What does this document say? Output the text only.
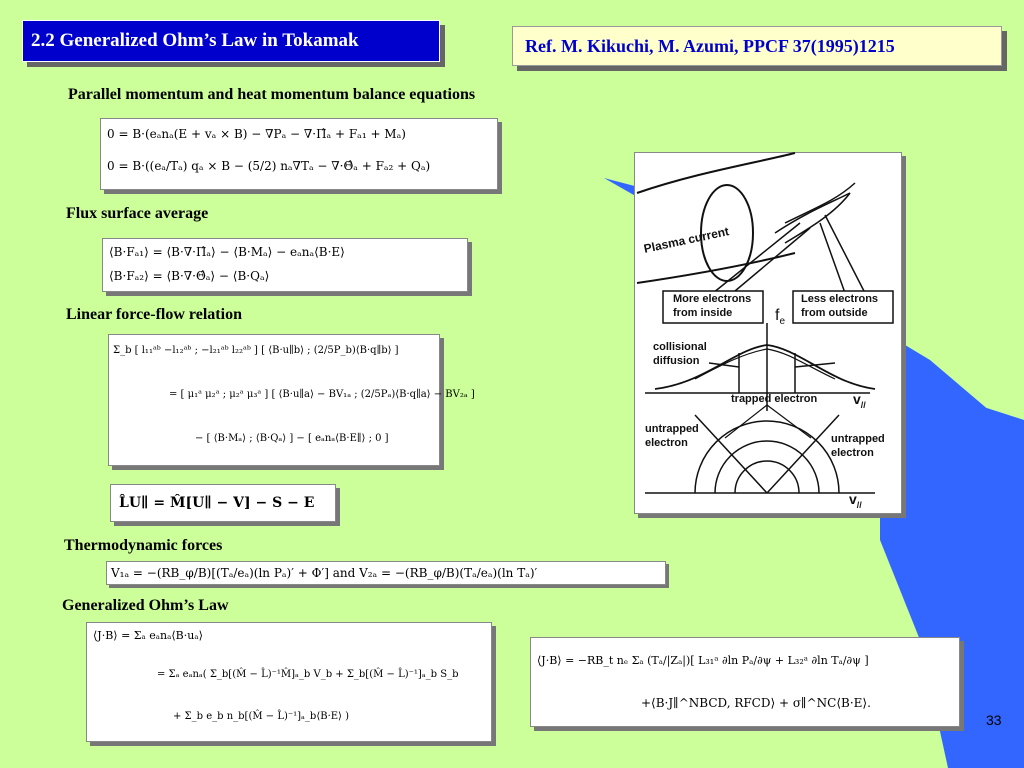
2.2 Generalized Ohm’s Law in Tokamak	Ref. M. Kikuchi, M. Azumi, PPCF 37(1995)1215
Parallel momentum and heat momentum balance equations
0 = B·(eₐnₐ(E + vₐ × B) − ∇Pₐ − ∇·Π̂ₐ + Fₐ₁ + Mₐ)
0 = B·((eₐ/Tₐ) qₐ × B − (5/2) nₐ∇Tₐ − ∇·Θ̂ₐ + Fₐ₂ + Qₐ)
Flux surface average
⟨B·Fₐ₁⟩ = ⟨B·∇·Π̂ₐ⟩ − ⟨B·Mₐ⟩ − eₐnₐ⟨B·E⟩
⟨B·Fₐ₂⟩ = ⟨B·∇·Θ̂ₐ⟩ − ⟨B·Qₐ⟩
Linear force-flow relation
Σ_b [ l₁₁ᵃᵇ −l₁₂ᵃᵇ ; −l₂₁ᵃᵇ l₂₂ᵃᵇ ] [ ⟨B·u∥b⟩ ; (2/5P_b)⟨B·q∥b⟩ ]
= [ μ₁ᵃ μ₂ᵃ ; μ₂ᵃ μ₃ᵃ ] [ ⟨B·u∥a⟩ − BV₁ₐ ; (2/5Pₐ)⟨B·q∥a⟩ − BV₂ₐ ]
− [ ⟨B·Mₐ⟩ ; ⟨B·Qₐ⟩ ] − [ eₐnₐ⟨B·E∥⟩ ; 0 ]
L̂U∥ = M̂[U∥ − V] − S − E
Thermodynamic forces
V₁ₐ = −(RB_φ/B)[(Tₐ/eₐ)(ln Pₐ)′ + Φ′] and V₂ₐ = −(RB_φ/B)(Tₐ/eₐ)(ln Tₐ)′
Generalized Ohm’s Law
⟨J·B⟩ = Σₐ eₐnₐ⟨B·uₐ⟩
= Σₐ eₐnₐ( Σ_b[(M̂ − L̂)⁻¹M̂]ₐ_b V_b + Σ_b[(M̂ − L̂)⁻¹]ₐ_b S_b
+ Σ_b e_b n_b[(M̂ − L̂)⁻¹]ₐ_b⟨B·E⟩ )
⟨J·B⟩ = −RB_t nₑ Σₐ (Tₐ/|Zₐ|)[ L₃₁ᵃ ∂ln Pₐ/∂ψ + L₃₂ᵃ ∂ln Tₐ/∂ψ ]
+⟨B·J∥^NBCD, RFCD⟩ + σ∥^NC⟨B·E⟩.
Plasma current
More electrons
from inside
Less electrons
from outside
$f_e$
collisional
diffusion
trapped electron	$v_{//}$
untrapped
electron	untrapped
electron
$v_{//}$
33
